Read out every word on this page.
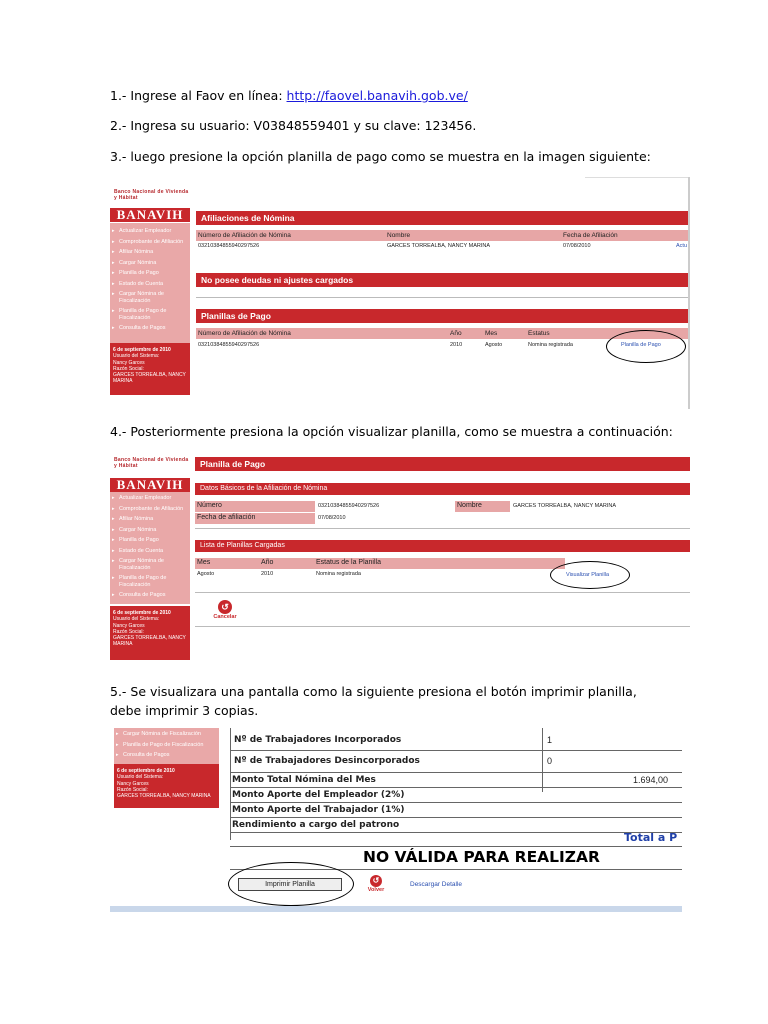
1.- Ingrese al Faov en línea: http://faovel.banavih.gob.ve/
2.- Ingresa su usuario: V03848559401 y su clave: 123456.
3.- luego presione la opción planilla de pago como se muestra en la imagen siguiente:
Banco Nacional de Vivienda y Hábitat
BANAVIH
▸ Actualizar Empleador
▸ Comprobante de Afiliación
▸ Afiliar Nómina
▸ Cargar Nómina
▸ Planilla de Pago
▸ Estado de Cuenta
▸ Cargar Nómina de Fiscalización
▸ Planilla de Pago de Fiscalización
▸ Consulta de Pagos
6 de septiembre de 2010
Usuario del Sistema:
Nancy Garces
Razón Social:
GARCES TORREALBA, NANCY MARINA
Afiliaciones de Nómina
Número de Afiliación de Nómina	Nombre	Fecha de Afiliación
03210384855940297526	GARCES TORREALBA, NANCY MARINA	07/08/2010	Actu
No posee deudas ni ajustes cargados
Planillas de Pago
Número de Afiliación de Nómina	Año	Mes	Estatus
03210384855940297526	2010	Agosto	Nomina registrada	Planilla de Pago
4.- Posteriormente presiona la opción visualizar planilla, como se muestra a continuación:
Banco Nacional de Vivienda y Hábitat
BANAVIH
▸ Actualizar Empleador
▸ Comprobante de Afiliación
▸ Afiliar Nómina
▸ Cargar Nómina
▸ Planilla de Pago
▸ Estado de Cuenta
▸ Cargar Nómina de Fiscalización
▸ Planilla de Pago de Fiscalización
▸ Consulta de Pagos
6 de septiembre de 2010
Usuario del Sistema:
Nancy Garces
Razón Social:
GARCES TORREALBA, NANCY MARINA
Planilla de Pago
Datos Básicos de la Afiliación de Nómina
Número	03210384855940297526	Nombre	GARCES TORREALBA, NANCY MARINA
Fecha de afiliación	07/08/2010
Lista de Planillas Cargadas
Mes	Año	Estatus de la Planilla
Agosto	2010	Nomina registrada	Visualizar Planilla
↺
Cancelar
5.- Se visualizara una pantalla como la siguiente presiona el botón imprimir planilla, debe imprimir 3 copias.
▸ Cargar Nómina de Fiscalización
▸ Planilla de Pago de Fiscalización
▸ Consulta de Pagos
6 de septiembre de 2010
Usuario del Sistema:
Nancy Garces
Razón Social:
GARCES TORREALBA, NANCY MARINA
Nº de Trabajadores Incorporados	1
Nº de Trabajadores Desincorporados	0
Monto Total Nómina del Mes	1.694,00
Monto Aporte del Empleador (2%)
Monto Aporte del Trabajador (1%)
Rendimiento a cargo del patrono
Total a P
NO VÁLIDA PARA REALIZAR
Imprimir Planilla	↺
Volver
Descargar Detalle
